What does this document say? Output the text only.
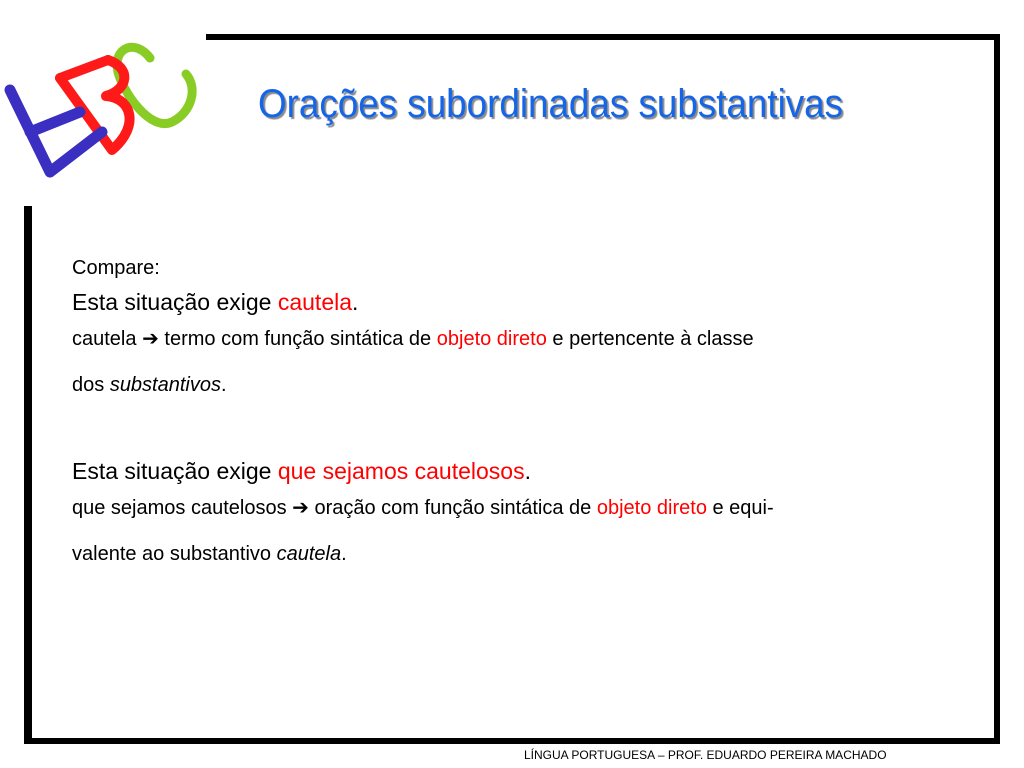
Orações subordinadas substantivas
Compare:
Esta situação exige cautela.
cautela ➔ termo com função sintática de objeto direto e pertencente à classe
dos substantivos.
Esta situação exige que sejamos cautelosos.
que sejamos cautelosos ➔ oração com função sintática de objeto direto e equi-
valente ao substantivo cautela.
LÍNGUA PORTUGUESA – PROF. EDUARDO PEREIRA MACHADO
